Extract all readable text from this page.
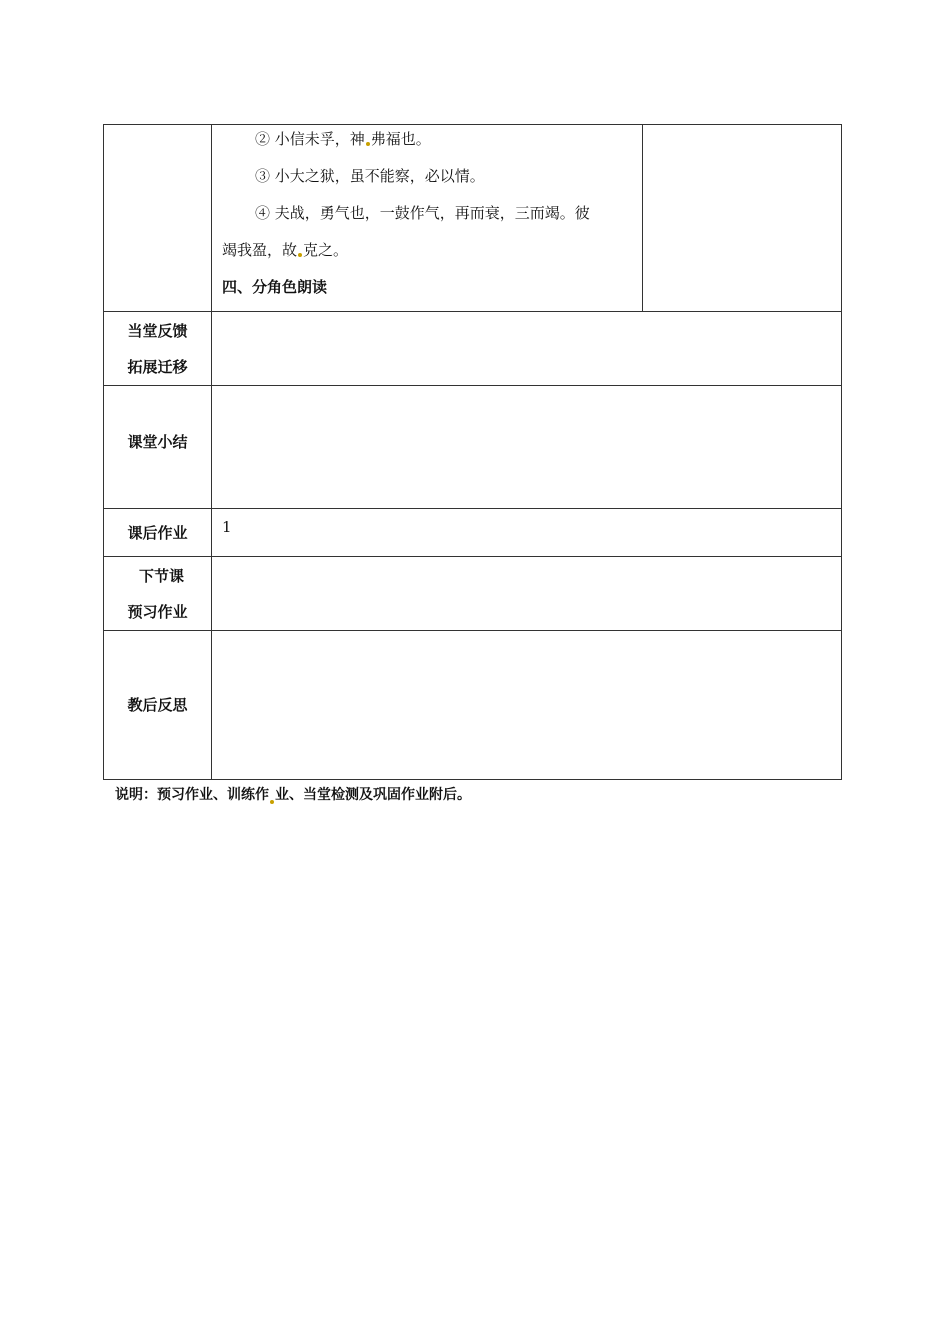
	② 小信未孚，神 弗福也。
③ 小大之狱，虽不能察，必以情。
④ 夫战，勇气也，一鼓作气，再而衰，三而竭。彼
竭我盈，故 克之。
四、分角色朗读	

当堂反馈
拓展迁移		

课堂小结		
课后作业	1	

下节课
预习作业		

教后反思		
说明：预习作业、训练作 业、当堂检测及巩固作业附后。
